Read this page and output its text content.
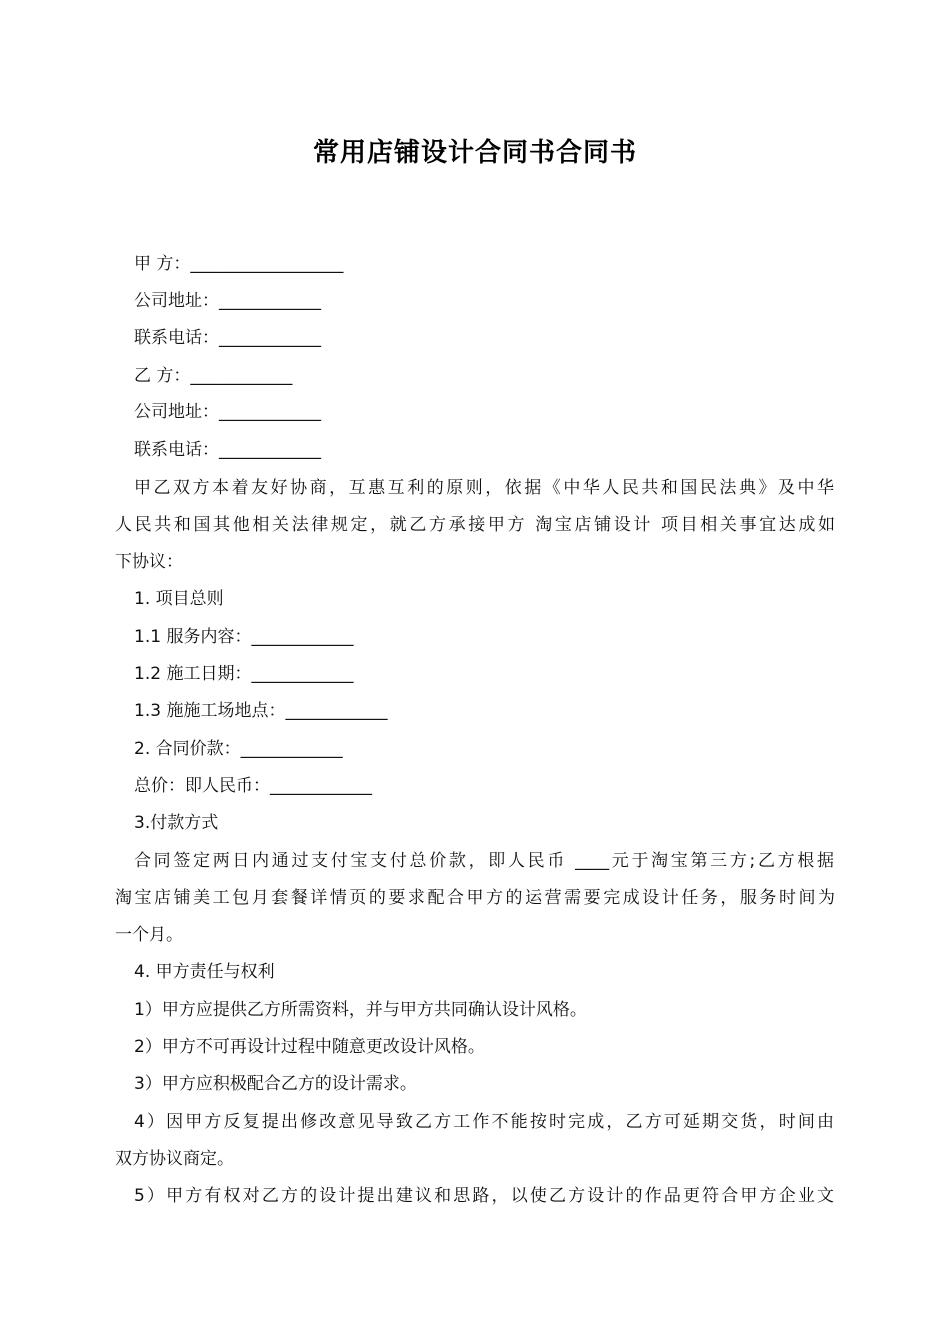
常用店铺设计合同书合同书
甲 方：__________________
公司地址：____________
联系电话：____________
乙 方：____________
公司地址：____________
联系电话：____________
甲乙双方本着友好协商，互惠互利的原则，依据《中华人民共和国民法典》及中华
人民共和国其他相关法律规定，就乙方承接甲方 淘宝店铺设计 项目相关事宜达成如
下协议：
1. 项目总则
1.1 服务内容：____________
1.2 施工日期：____________
1.3 施施工场地点：____________
2. 合同价款：____________
总价：即人民币：____________
3.付款方式
合同签定两日内通过支付宝支付总价款，即人民币 ____元于淘宝第三方;乙方根据
淘宝店铺美工包月套餐详情页的要求配合甲方的运营需要完成设计任务，服务时间为
一个月。
4. 甲方责任与权利
1）甲方应提供乙方所需资料，并与甲方共同确认设计风格。
2）甲方不可再设计过程中随意更改设计风格。
3）甲方应积极配合乙方的设计需求。
4）因甲方反复提出修改意见导致乙方工作不能按时完成，乙方可延期交货，时间由
双方协议商定。
5）甲方有权对乙方的设计提出建议和思路，以使乙方设计的作品更符合甲方企业文
